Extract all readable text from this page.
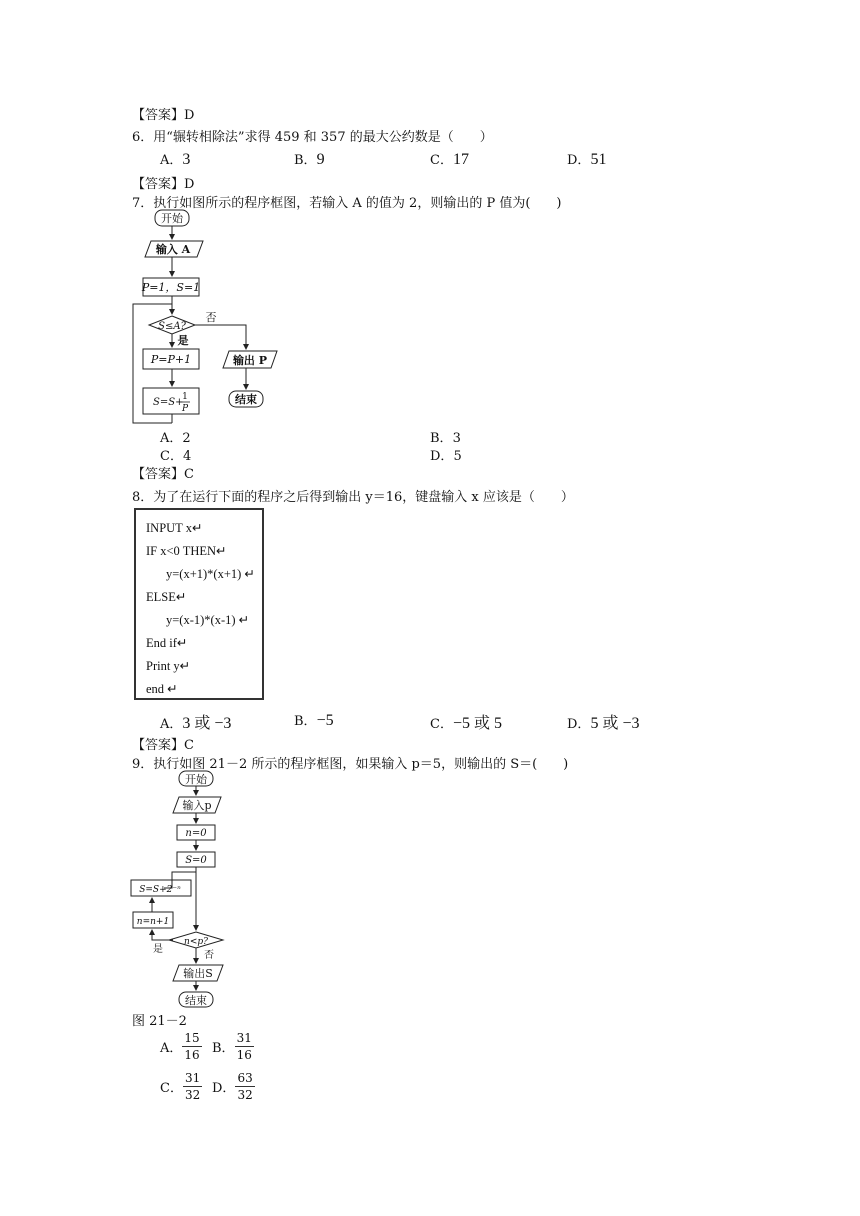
【答案】D
6．用“辗转相除法”求得 459 和 357 的最大公约数是（　　）
A．3	B．9	C．17	D．51
【答案】D
7．执行如图所示的程序框图，若输入 A 的值为 2，则输出的 P 值为(　　)
开始
输入 A
P=1，S=1
S≤A?
否
是
P=P+1
S=S+
1
P
输出 P
结束
A．2	B．3
C．4	D．5
【答案】C
8．为了在运行下面的程序之后得到输出 y＝16，键盘输入 x 应该是（　　）
INPUT x↵
IF x<0 THEN↵
y=(x+1)*(x+1) ↵
ELSE↵
y=(x-1)*(x-1) ↵
End if↵
Print y↵
end ↵
A．3 或 −3	B．−5	C．−5 或 5	D．5 或 −3
【答案】C
9．执行如图 21－2 所示的程序框图，如果输入 p＝5，则输出的 S＝(　　)
开始
输入p
n=0
S=0
S=S+2⁻ⁿ
n=n+1
n<p?
是
否
输出S
结束
图 21－2
A． $\frac{15}{16}$ B． $\frac{31}{16}$
C． $\frac{31}{32}$ D． $\frac{63}{32}$
